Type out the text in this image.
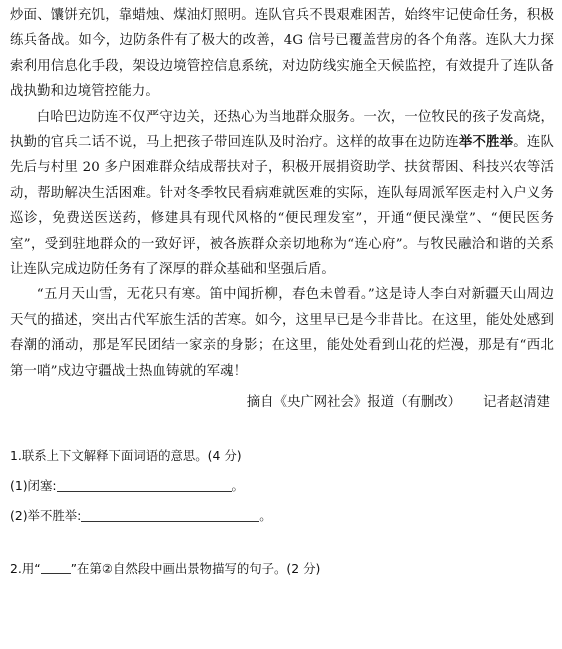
炒面、馕饼充饥，靠蜡烛、煤油灯照明。连队官兵不畏艰难困苦，始终牢记使命任务，积极练兵备战。如今，边防条件有了极大的改善，4G 信号已覆盖营房的各个角落。连队大力探索利用信息化手段，架设边境管控信息系统，对边防线实施全天候监控，有效提升了连队备战执勤和边境管控能力。

白哈巴边防连不仅严守边关，还热心为当地群众服务。一次，一位牧民的孩子发高烧，执勤的官兵二话不说，马上把孩子带回连队及时治疗。这样的故事在边防连举不胜举。连队先后与村里 20 多户困难群众结成帮扶对子，积极开展捐资助学、扶贫帮困、科技兴农等活动，帮助解决生活困难。针对冬季牧民看病难就医难的实际，连队每周派军医走村入户义务巡诊，免费送医送药，修建具有现代风格的“便民理发室”，开通“便民澡堂”、“便民医务室”，受到驻地群众的一致好评，被各族群众亲切地称为“连心府”。与牧民融洽和谐的关系让连队完成边防任务有了深厚的群众基础和坚强后盾。

“五月天山雪，无花只有寒。笛中闻折柳，春色未曾看。”这是诗人李白对新疆天山周边天气的描述，突出古代军旅生活的苦寒。如今，这里早已是今非昔比。在这里，能处处感到春潮的涌动，那是军民团结一家亲的身影；在这里，能处处看到山花的烂漫，那是有“西北第一哨”戍边守疆战士热血铸就的军魂！

摘自《央广网社会》报道（有删改） 记者赵清建

1.联系上下文解释下面词语的意思。(4 分)

(1)闭塞:	。

(2)举不胜举:	。

2.用“ ”在第②自然段中画出景物描写的句子。(2 分)
